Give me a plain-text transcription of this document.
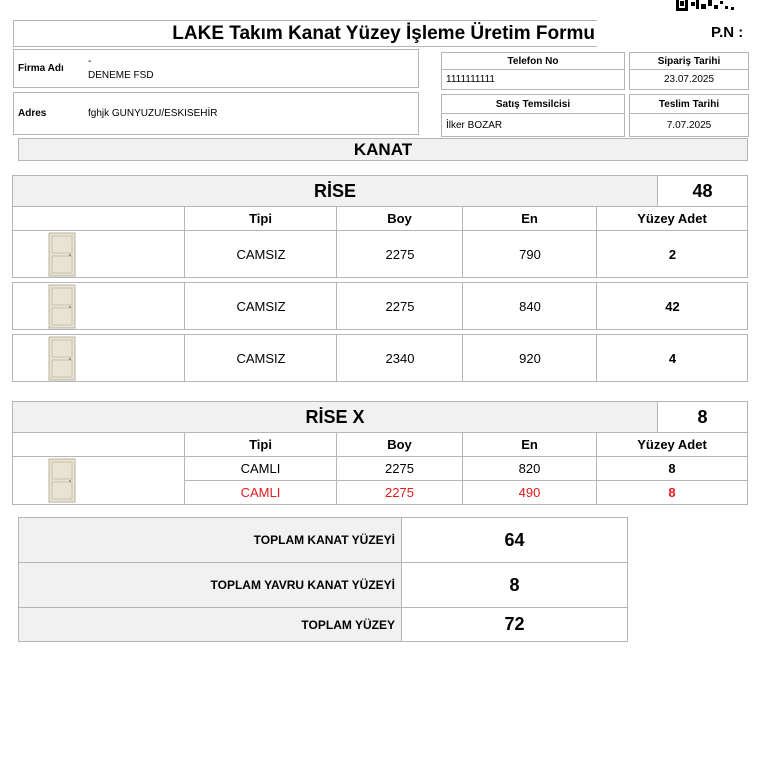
LAKE Takım Kanat Yüzey İşleme Üretim Formu	P.N :
Firma Adı
-
DENEME FSD
Adres	fghjk GUNYUZU/ESKISEHİR
Telefon No
1111111111
Sipariş Tarihi
23.07.2025
Satış Temsilcisi
İlker BOZAR
Teslim Tarihi
7.07.2025
KANAT
RİSE	48
Tipi	Boy	En	Yüzey Adet
CAMSIZ	2275	790	2
CAMSIZ	2275	840	42
CAMSIZ	2340	920	4
RİSE X	8
Tipi	Boy	En	Yüzey Adet
CAMLI	2275	820	8
CAMLI	2275	490	8
TOPLAM KANAT YÜZEYİ	64
TOPLAM YAVRU KANAT YÜZEYİ	8
TOPLAM YÜZEY	72
